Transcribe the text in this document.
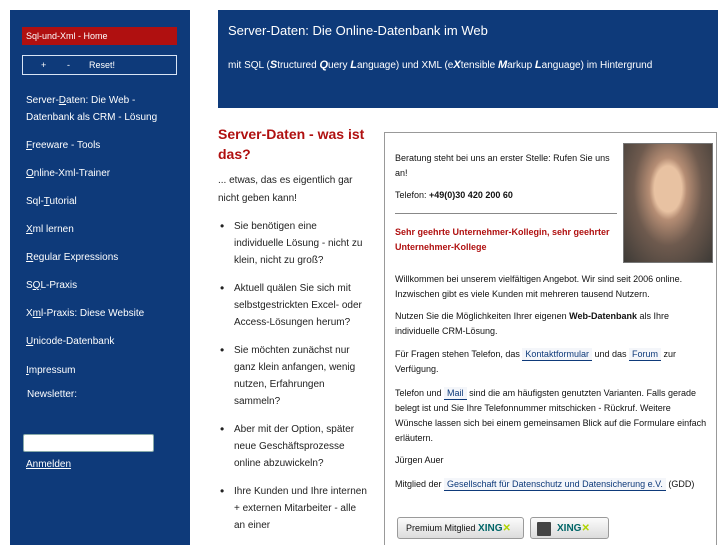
Sql-und-Xml - Home
+ - Reset!
Server-Daten: Die Web - Datenbank als CRM - Lösung
Freeware - Tools
Online-Xml-Trainer
Sql-Tutorial
Xml lernen
Regular Expressions
SQL-Praxis
Xml-Praxis: Diese Website
Unicode-Datenbank
Impressum
Newsletter:
Anmelden
Server-Daten: Die Online-Datenbank im Web
mit SQL (Structured Query Language) und XML (eXtensible Markup Language) im Hintergrund
Server-Daten - was ist das?
... etwas, das es eigentlich gar nicht geben kann!
• Sie benötigen eine individuelle Lösung - nicht zu klein, nicht zu groß?
• Aktuell quälen Sie sich mit selbstgestrickten Excel- oder Access-Lösungen herum?
• Sie möchten zunächst nur ganz klein anfangen, wenig nutzen, Erfahrungen sammeln?
• Aber mit der Option, später neue Geschäftsprozesse online abzuwickeln?
• Ihre Kunden und Ihre internen + externen Mitarbeiter - alle an einer
Beratung steht bei uns an erster Stelle: Rufen Sie uns an!
Telefon: +49(0)30 420 200 60
Sehr geehrte Unternehmer-Kollegin, sehr geehrter Unternehmer-Kollege
Willkommen bei unserem vielfältigen Angebot. Wir sind seit 2006 online. Inzwischen gibt es viele Kunden mit mehreren tausend Nutzern.
Nutzen Sie die Möglichkeiten Ihrer eigenen Web-Datenbank als Ihre individuelle CRM-Lösung.
Für Fragen stehen Telefon, das Kontaktformular und das Forum zur Verfügung.
Telefon und Mail sind die am häufigsten genutzten Varianten. Falls gerade belegt ist und Sie Ihre Telefonnummer mitschicken - Rückruf. Weitere Wünsche lassen sich bei einem gemeinsamen Blick auf die Formulare einfach erläutern.
Jürgen Auer
Mitglied der Gesellschaft für Datenschutz und Datensicherung e.V. (GDD)
Premium Mitglied XING✕	XING✕
